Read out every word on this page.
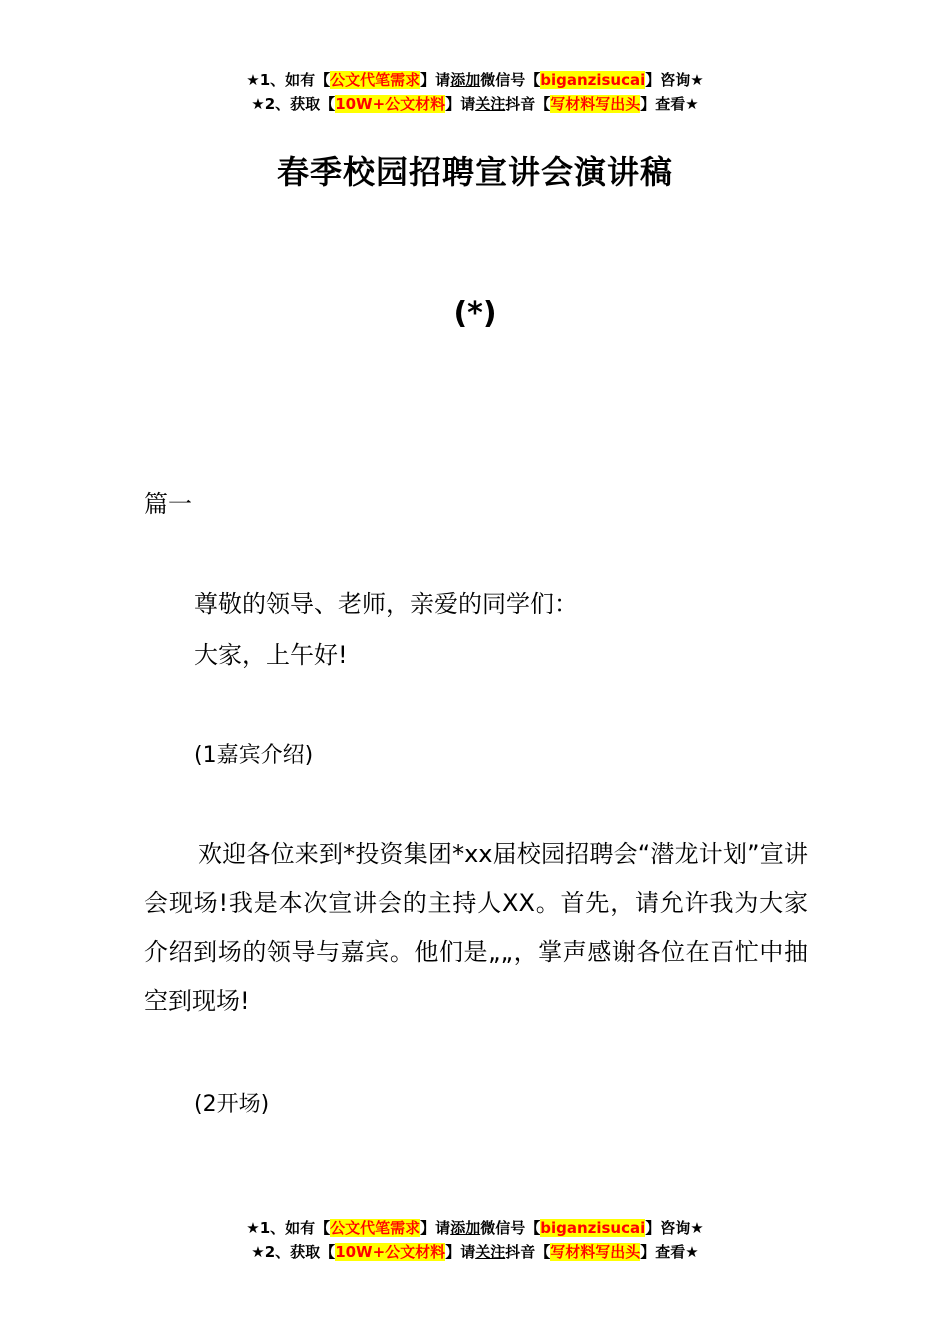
★1、如有【公文代笔需求】请添加微信号【biganzisucai】咨询★
★2、获取【10W+公文材料】请关注抖音【写材料写出头】查看★
春季校园招聘宣讲会演讲稿
(*)
篇一
尊敬的领导、老师，亲爱的同学们：
大家，上午好!
(1嘉宾介绍)
欢迎各位来到*投资集团*xx届校园招聘会“潜龙计划”宣讲会现场!我是本次宣讲会的主持人XX。首先，请允许我为大家介绍到场的领导与嘉宾。他们是„„，掌声感谢各位在百忙中抽空到现场!
(2开场)
★1、如有【公文代笔需求】请添加微信号【biganzisucai】咨询★
★2、获取【10W+公文材料】请关注抖音【写材料写出头】查看★
